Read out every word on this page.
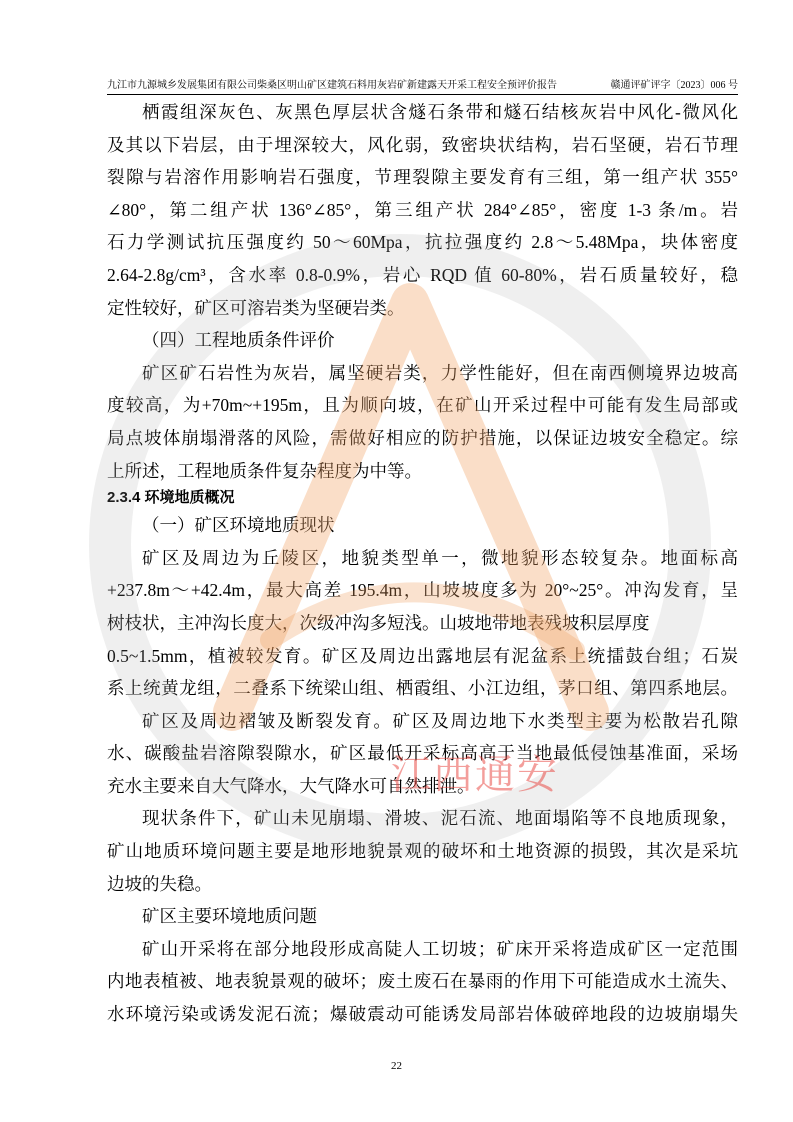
九江市九源城乡发展集团有限公司柴桑区明山矿区建筑石料用灰岩矿新建露天开采工程安全预评价报告	赣通评矿评字〔2023〕006 号
栖霞组深灰色、灰黑色厚层状含燧石条带和燧石结核灰岩中风化-微风化
及其以下岩层，由于埋深较大，风化弱，致密块状结构，岩石坚硬，岩石节理
裂隙与岩溶作用影响岩石强度，节理裂隙主要发育有三组，第一组产状 355°
∠80°，第二组产状 136°∠85°，第三组产状 284°∠85°，密度 1-3 条/m。岩
石力学测试抗压强度约 50～60Mpa，抗拉强度约 2.8～5.48Mpa，块体密度
2.64-2.8g/cm³，含水率 0.8-0.9%，岩心 RQD 值 60-80%，岩石质量较好，稳
定性较好，矿区可溶岩类为坚硬岩类。
（四）工程地质条件评价
矿区矿石岩性为灰岩，属坚硬岩类，力学性能好，但在南西侧境界边坡高
度较高，为+70m~+195m，且为顺向坡，在矿山开采过程中可能有发生局部或
局点坡体崩塌滑落的风险，需做好相应的防护措施，以保证边坡安全稳定。综
上所述，工程地质条件复杂程度为中等。
2.3.4 环境地质概况
（一）矿区环境地质现状
矿区及周边为丘陵区，地貌类型单一，微地貌形态较复杂。地面标高
+237.8m～+42.4m，最大高差 195.4m，山坡坡度多为 20°~25°。冲沟发育，呈
树枝状，主冲沟长度大，次级冲沟多短浅。山坡地带地表残坡积层厚度
0.5~1.5mm，植被较发育。矿区及周边出露地层有泥盆系上统擂鼓台组；石炭
系上统黄龙组，二叠系下统梁山组、栖霞组、小江边组，茅口组、第四系地层。
矿区及周边褶皱及断裂发育。矿区及周边地下水类型主要为松散岩孔隙
水、碳酸盐岩溶隙裂隙水，矿区最低开采标高高于当地最低侵蚀基准面，采场
充水主要来自大气降水，大气降水可自然排泄。
现状条件下，矿山未见崩塌、滑坡、泥石流、地面塌陷等不良地质现象，
矿山地质环境问题主要是地形地貌景观的破坏和土地资源的损毁，其次是采坑
边坡的失稳。
矿区主要环境地质问题
矿山开采将在部分地段形成高陡人工切坡；矿床开采将造成矿区一定范围
内地表植被、地表貌景观的破坏；废土废石在暴雨的作用下可能造成水土流失、
水环境污染或诱发泥石流；爆破震动可能诱发局部岩体破碎地段的边坡崩塌失
22
江西通安
